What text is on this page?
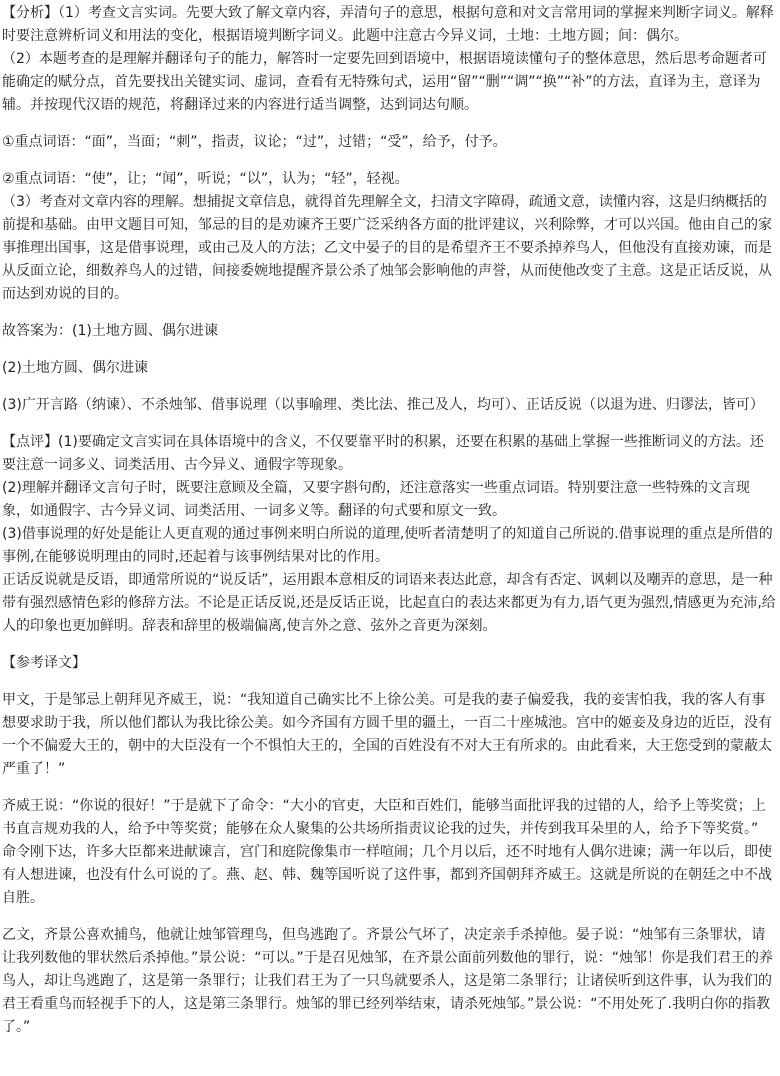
【分析】（1）考查文言实词。先要大致了解文章内容，弄清句子的意思，根据句意和对文言常用词的掌握来判断字词义。解释时要注意辨析词义和用法的变化，根据语境判断字词义。此题中注意古今异义词，土地：土地方圆；间：偶尔。

（2）本题考查的是理解并翻译句子的能力，解答时一定要先回到语境中，根据语境读懂句子的整体意思，然后思考命题者可能确定的赋分点，首先要找出关键实词、虚词，查看有无特殊句式，运用“留”“删”“调”“换”“补”的方法，直译为主，意译为辅。并按现代汉语的规范，将翻译过来的内容进行适当调整，达到词达句顺。

①重点词语：“面”，当面；“刺”，指责，议论；“过”，过错；“受”，给予，付予。

②重点词语：“使”，让；“闻”，听说；“以”，认为；“轻”，轻视。

（3）考查对文章内容的理解。想捕捉文章信息，就得首先理解全文，扫清文字障碍，疏通文意，读懂内容，这是归纳概括的前提和基础。由甲文题目可知，邹忌的目的是劝谏齐王要广泛采纳各方面的批评建议，兴利除弊，才可以兴国。他由自己的家事推理出国事，这是借事说理，或由己及人的方法；乙文中晏子的目的是希望齐王不要杀掉养鸟人，但他没有直接劝谏，而是从反面立论，细数养鸟人的过错，间接委婉地提醒齐景公杀了烛邹会影响他的声誉，从而使他改变了主意。这是正话反说，从而达到劝说的目的。

故答案为：(1)土地方圆、偶尔进谏

(2)土地方圆、偶尔进谏

(3)广开言路（纳谏）、不杀烛邹、借事说理（以事喻理、类比法、推己及人，均可）、正话反说（以退为进、归谬法，皆可）

【点评】(1)要确定文言实词在具体语境中的含义，不仅要靠平时的积累，还要在积累的基础上掌握一些推断词义的方法。还要注意一词多义、词类活用、古今异义、通假字等现象。

(2)理解并翻译文言句子时，既要注意顾及全篇，又要字斟句酌，还注意落实一些重点词语。特别要注意一些特殊的文言现象，如通假字、古今异义词、词类活用、一词多义等。翻译的句式要和原文一致。

(3)借事说理的好处是能让人更直观的通过事例来明白所说的道理,使听者清楚明了的知道自己所说的.借事说理的重点是所借的事例,在能够说明理由的同时,还起着与该事例结果对比的作用。

正话反说就是反语，即通常所说的“说反话”，运用跟本意相反的词语来表达此意，却含有否定、讽刺以及嘲弄的意思，是一种带有强烈感情色彩的修辞方法。不论是正话反说,还是反话正说，比起直白的表达来都更为有力,语气更为强烈,情感更为充沛,给人的印象也更加鲜明。辞表和辞里的极端偏离,使言外之意、弦外之音更为深刻。

【参考译文】

甲文，于是邹忌上朝拜见齐威王，说：“我知道自己确实比不上徐公美。可是我的妻子偏爱我，我的妾害怕我，我的客人有事想要求助于我，所以他们都认为我比徐公美。如今齐国有方圆千里的疆土，一百二十座城池。宫中的姬妾及身边的近臣，没有一个不偏爱大王的，朝中的大臣没有一个不惧怕大王的，全国的百姓没有不对大王有所求的。由此看来，大王您受到的蒙蔽太严重了！”

齐威王说：“你说的很好！”于是就下了命令：“大小的官吏，大臣和百姓们，能够当面批评我的过错的人，给予上等奖赏；上书直言规劝我的人，给予中等奖赏；能够在众人聚集的公共场所指责议论我的过失，并传到我耳朵里的人，给予下等奖赏。” 命令刚下达，许多大臣都来进献谏言，宫门和庭院像集市一样喧闹；几个月以后，还不时地有人偶尔进谏；满一年以后，即使有人想进谏，也没有什么可说的了。燕、赵、韩、魏等国听说了这件事，都到齐国朝拜齐威王。这就是所说的在朝廷之中不战自胜。

乙文，齐景公喜欢捕鸟，他就让烛邹管理鸟，但鸟逃跑了。齐景公气坏了，决定亲手杀掉他。晏子说：“烛邹有三条罪状，请让我列数他的罪状然后杀掉他。”景公说：“可以。”于是召见烛邹，在齐景公面前列数他的罪行，说：“烛邹！你是我们君王的养鸟人，却让鸟逃跑了，这是第一条罪行；让我们君王为了一只鸟就要杀人，这是第二条罪行；让诸侯听到这件事，认为我们的君王看重鸟而轻视手下的人，这是第三条罪行。烛邹的罪已经列举结束，请杀死烛邹。”景公说：“不用处死了.我明白你的指教了。”
